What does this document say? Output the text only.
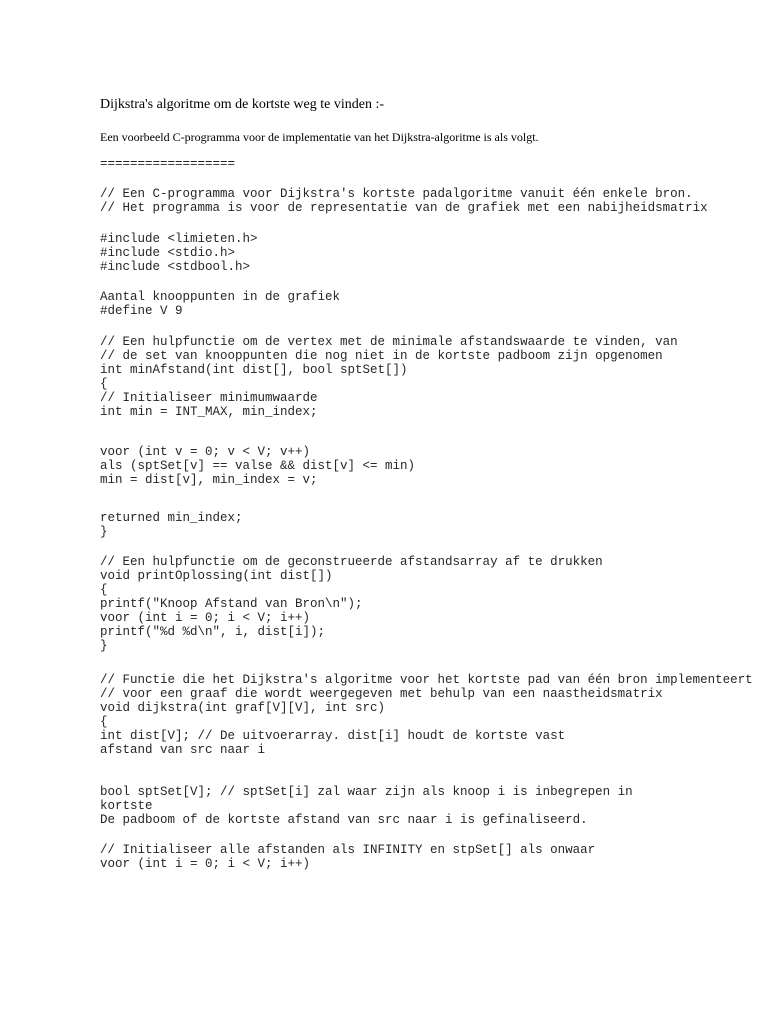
Dijkstra's algoritme om de kortste weg te vinden :-
Een voorbeeld C-programma voor de implementatie van het Dijkstra-algoritme is als volgt.
==================
// Een C-programma voor Dijkstra's kortste padalgoritme vanuit één enkele bron.
// Het programma is voor de representatie van de grafiek met een nabijheidsmatrix
#include <limieten.h>
#include <stdio.h>
#include <stdbool.h>
Aantal knooppunten in de grafiek
#define V 9
// Een hulpfunctie om de vertex met de minimale afstandswaarde te vinden, van
// de set van knooppunten die nog niet in de kortste padboom zijn opgenomen
int minAfstand(int dist[], bool sptSet[])
{
// Initialiseer minimumwaarde
int min = INT_MAX, min_index;
voor (int v = 0; v < V; v++)
als (sptSet[v] == valse && dist[v] <= min)
min = dist[v], min_index = v;
returned min_index;
}
// Een hulpfunctie om de geconstrueerde afstandsarray af te drukken
void printOplossing(int dist[])
{
printf("Knoop Afstand van Bron\n");
voor (int i = 0; i < V; i++)
printf("%d %d\n", i, dist[i]);
}
// Functie die het Dijkstra's algoritme voor het kortste pad van één bron implementeert
// voor een graaf die wordt weergegeven met behulp van een naastheidsmatrix
void dijkstra(int graf[V][V], int src)
{
int dist[V]; // De uitvoerarray. dist[i] houdt de kortste vast
afstand van src naar i
bool sptSet[V]; // sptSet[i] zal waar zijn als knoop i is inbegrepen in
kortste
De padboom of de kortste afstand van src naar i is gefinaliseerd.
// Initialiseer alle afstanden als INFINITY en stpSet[] als onwaar
voor (int i = 0; i < V; i++)
